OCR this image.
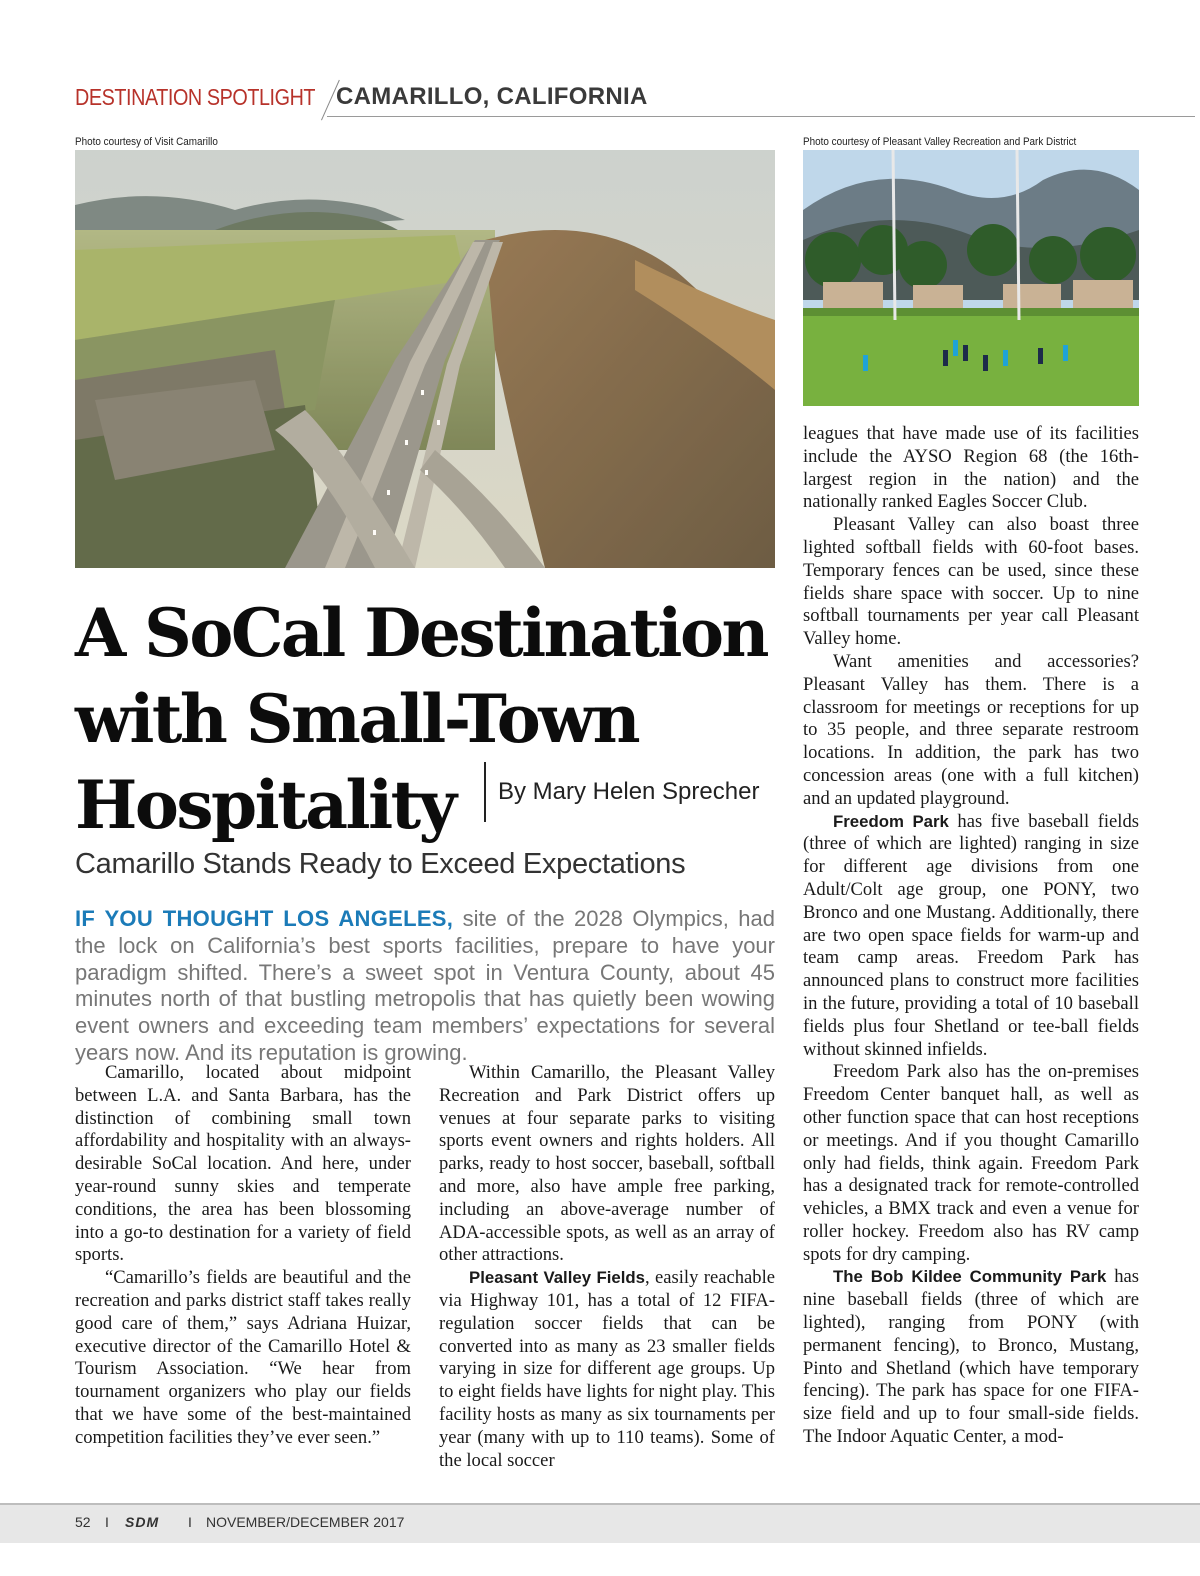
DESTINATION SPOTLIGHT CAMARILLO, CALIFORNIA
Photo courtesy of Visit Camarillo	Photo courtesy of Pleasant Valley Recreation and Park District
A SoCal Destination
with Small-Town
Hospitality	By Mary Helen Sprecher
Camarillo Stands Ready to Exceed Expectations
IF YOU THOUGHT LOS ANGELES, site of the 2028 Olympics, had the lock on California’s best sports facilities, prepare to have your paradigm shifted. There’s a sweet spot in Ventura County, about 45 minutes north of that bustling metropolis that has quietly been wowing event owners and exceeding team members’ expectations for several years now. And its reputation is growing.

Camarillo, located about midpoint between L.A. and Santa Barbara, has the distinction of combining small town affordability and hospitality with an always-desirable SoCal location. And here, under year-round sunny skies and temperate conditions, the area has been blossoming into a go-to destination for a variety of field sports.

“Camarillo’s fields are beautiful and the recreation and parks district staff takes really good care of them,” says Adriana Huizar, executive director of the Camarillo Hotel & Tourism Association. “We hear from tournament organizers who play our fields that we have some of the best-maintained competition facilities they’ve ever seen.”

Within Camarillo, the Pleasant Valley Recreation and Park District offers up venues at four separate parks to visiting sports event owners and rights holders. All parks, ready to host soccer, baseball, softball and more, also have ample free parking, including an above-average number of ADA-accessible spots, as well as an array of other attractions.

Pleasant Valley Fields, easily reachable via Highway 101, has a total of 12 FIFA-regulation soccer fields that can be converted into as many as 23 smaller fields varying in size for different age groups. Up to eight fields have lights for night play. This facility hosts as many as six tournaments per year (many with up to 110 teams). Some of the local soccer

leagues that have made use of its facilities include the AYSO Region 68 (the 16th-largest region in the nation) and the nationally ranked Eagles Soccer Club.

Pleasant Valley can also boast three lighted softball fields with 60-foot bases. Temporary fences can be used, since these fields share space with soccer. Up to nine softball tournaments per year call Pleasant Valley home.

Want amenities and accessories? Pleasant Valley has them. There is a classroom for meetings or receptions for up to 35 people, and three separate restroom locations. In addition, the park has two concession areas (one with a full kitchen) and an updated playground.

Freedom Park has five baseball fields (three of which are lighted) ranging in size for different age divisions from one Adult/Colt age group, one PONY, two Bronco and one Mustang. Additionally, there are two open space fields for warm-up and team camp areas. Freedom Park has announced plans to construct more facilities in the future, providing a total of 10 baseball fields plus four Shetland or tee-ball fields without skinned infields.

Freedom Park also has the on-premises Freedom Center banquet hall, as well as other function space that can host receptions or meetings. And if you thought Camarillo only had fields, think again. Freedom Park has a designated track for remote-controlled vehicles, a BMX track and even a venue for roller hockey. Freedom also has RV camp spots for dry camping.

The Bob Kildee Community Park has nine baseball fields (three of which are lighted), ranging from PONY (with permanent fencing), to Bronco, Mustang, Pinto and Shetland (which have temporary fencing). The park has space for one FIFA-size field and up to four small-side fields. The Indoor Aquatic Center, a mod-

52 I SDM I NOVEMBER/DECEMBER 2017
